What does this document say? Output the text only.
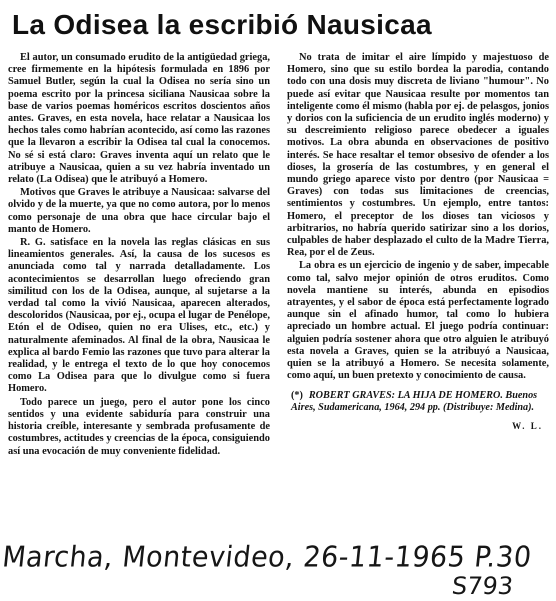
La Odisea la escribió Nausicaa

El autor, un consumado erudito de la antigüedad griega, cree firmemente en la hipótesis formulada en 1896 por Samuel Butler, según la cual la Odisea no sería sino un poema escrito por la princesa siciliana Nausicaa sobre la base de varios poemas homéricos escritos doscientos años antes. Graves, en esta novela, hace relatar a Nausicaa los hechos tales como habrían acontecido, así como las razones que la llevaron a escribir la Odisea tal cual la conocemos. No sé si está claro: Graves inventa aquí un relato que le atribuye a Nausicaa, quien a su vez habría inventado un relato (La Odisea) que le atribuyó a Homero.

Motivos que Graves le atribuye a Nausicaa: salvarse del olvido y de la muerte, ya que no como autora, por lo menos como personaje de una obra que hace circular bajo el manto de Homero.

R. G. satisface en la novela las reglas clásicas en sus lineamientos generales. Así, la causa de los sucesos es anunciada como tal y narrada detalladamente. Los acontecimientos se desarrollan luego ofreciendo gran similitud con los de la Odisea, aunque, al sujetarse a la verdad tal como la vivió Nausicaa, aparecen alterados, descoloridos (Nausicaa, por ej., ocupa el lugar de Penélope, Etón el de Odiseo, quien no era Ulises, etc., etc.) y naturalmente afeminados. Al final de la obra, Nausicaa le explica al bardo Femio las razones que tuvo para alterar la realidad, y le entrega el texto de lo que hoy conocemos como La Odisea para que lo divulgue como si fuera Homero.

Todo parece un juego, pero el autor pone los cinco sentidos y una evidente sabiduría para construir una historia creíble, interesante y sembrada profusamente de costumbres, actitudes y creencias de la época, consiguiendo así una evocación de muy conveniente fidelidad.

No trata de imitar el aire límpido y majestuoso de Homero, sino que su estilo bordea la parodia, contando todo con una dosis muy discreta de liviano "humour". No puede así evitar que Nausicaa resulte por momentos tan inteligente como él mismo (habla por ej. de pelasgos, jonios y dorios con la suficiencia de un erudito inglés moderno) y su descreimiento religioso parece obedecer a iguales motivos. La obra abunda en observaciones de positivo interés. Se hace resaltar el temor obsesivo de ofender a los dioses, la grosería de las costumbres, y en general el mundo griego aparece visto por dentro (por Nausicaa = Graves) con todas sus limitaciones de creencias, sentimientos y costumbres. Un ejemplo, entre tantos: Homero, el preceptor de los dioses tan viciosos y arbitrarios, no habría querido satirizar sino a los dorios, culpables de haber desplazado el culto de la Madre Tierra, Rea, por el de Zeus.

La obra es un ejercicio de ingenio y de saber, impecable como tal, salvo mejor opinión de otros eruditos. Como novela mantiene su interés, abunda en episodios atrayentes, y el sabor de época está perfectamente logrado aunque sin el afinado humor, tal como lo hubiera apreciado un hombre actual. El juego podría continuar: alguien podría sostener ahora que otro alguien le atribuyó esta novela a Graves, quien se la atribuyó a Nausicaa, quien se la atribuyó a Homero. Se necesita solamente, como aquí, un buen pretexto y conocimiento de causa.

(*) ROBERT GRAVES: LA HIJA DE HOMERO. Buenos Aires, Sudamericana, 1964, 294 pp. (Distribuye: Medina).
W. L.
Marcha, Montevideo, 26-11-1965 P.30
S793
